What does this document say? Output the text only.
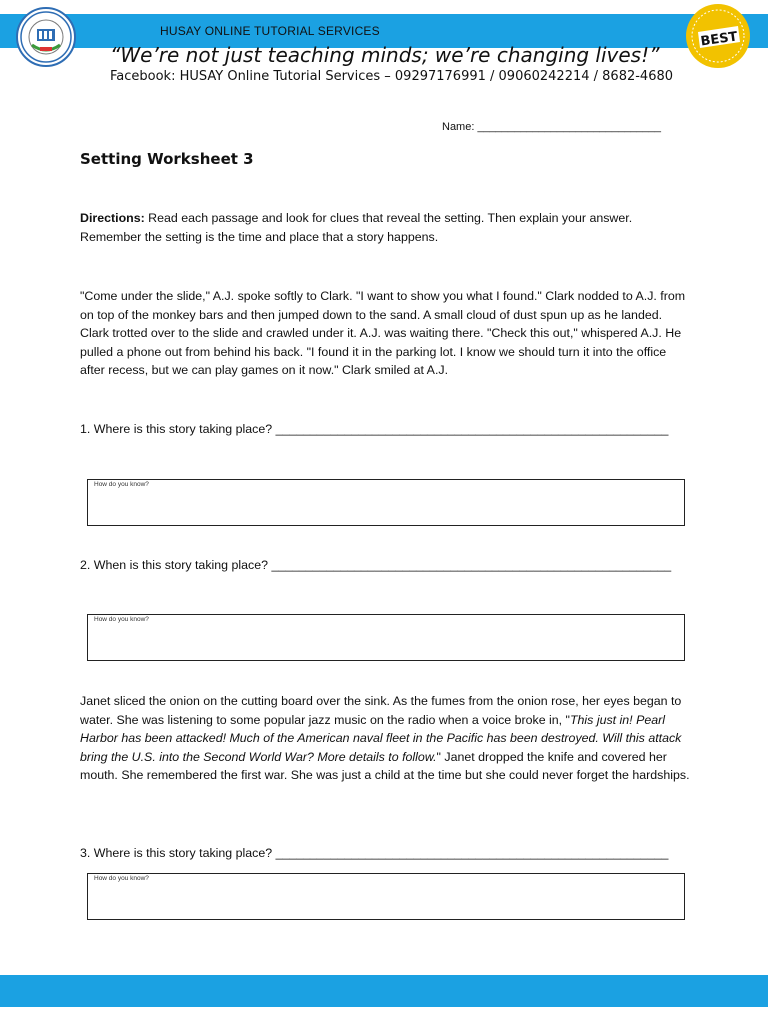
HUSAY ONLINE TUTORIAL SERVICES
“We’re not just teaching minds; we’re changing lives!”
Facebook: HUSAY Online Tutorial Services – 09297176991 / 09060242214 / 8682-4680
BEST
Name: ______________________________
Setting Worksheet 3
Directions: Read each passage and look for clues that reveal the setting. Then explain your answer. Remember the setting is the time and place that a story happens.
"Come under the slide," A.J. spoke softly to Clark. "I want to show you what I found." Clark nodded to A.J. from on top of the monkey bars and then jumped down to the sand. A small cloud of dust spun up as he landed. Clark trotted over to the slide and crawled under it. A.J. was waiting there. "Check this out," whispered A.J. He pulled a phone out from behind his back. "I found it in the parking lot. I know we should turn it into the office after recess, but we can play games on it now." Clark smiled at A.J.
1. Where is this story taking place? _________________________________________________________
How do you know?
2. When is this story taking place? __________________________________________________________
How do you know?
Janet sliced the onion on the cutting board over the sink. As the fumes from the onion rose, her eyes began to water. She was listening to some popular jazz music on the radio when a voice broke in, "This just in! Pearl Harbor has been attacked! Much of the American naval fleet in the Pacific has been destroyed. Will this attack bring the U.S. into the Second World War? More details to follow." Janet dropped the knife and covered her mouth. She remembered the first war. She was just a child at the time but she could never forget the hardships.
3. Where is this story taking place? _________________________________________________________
How do you know?
